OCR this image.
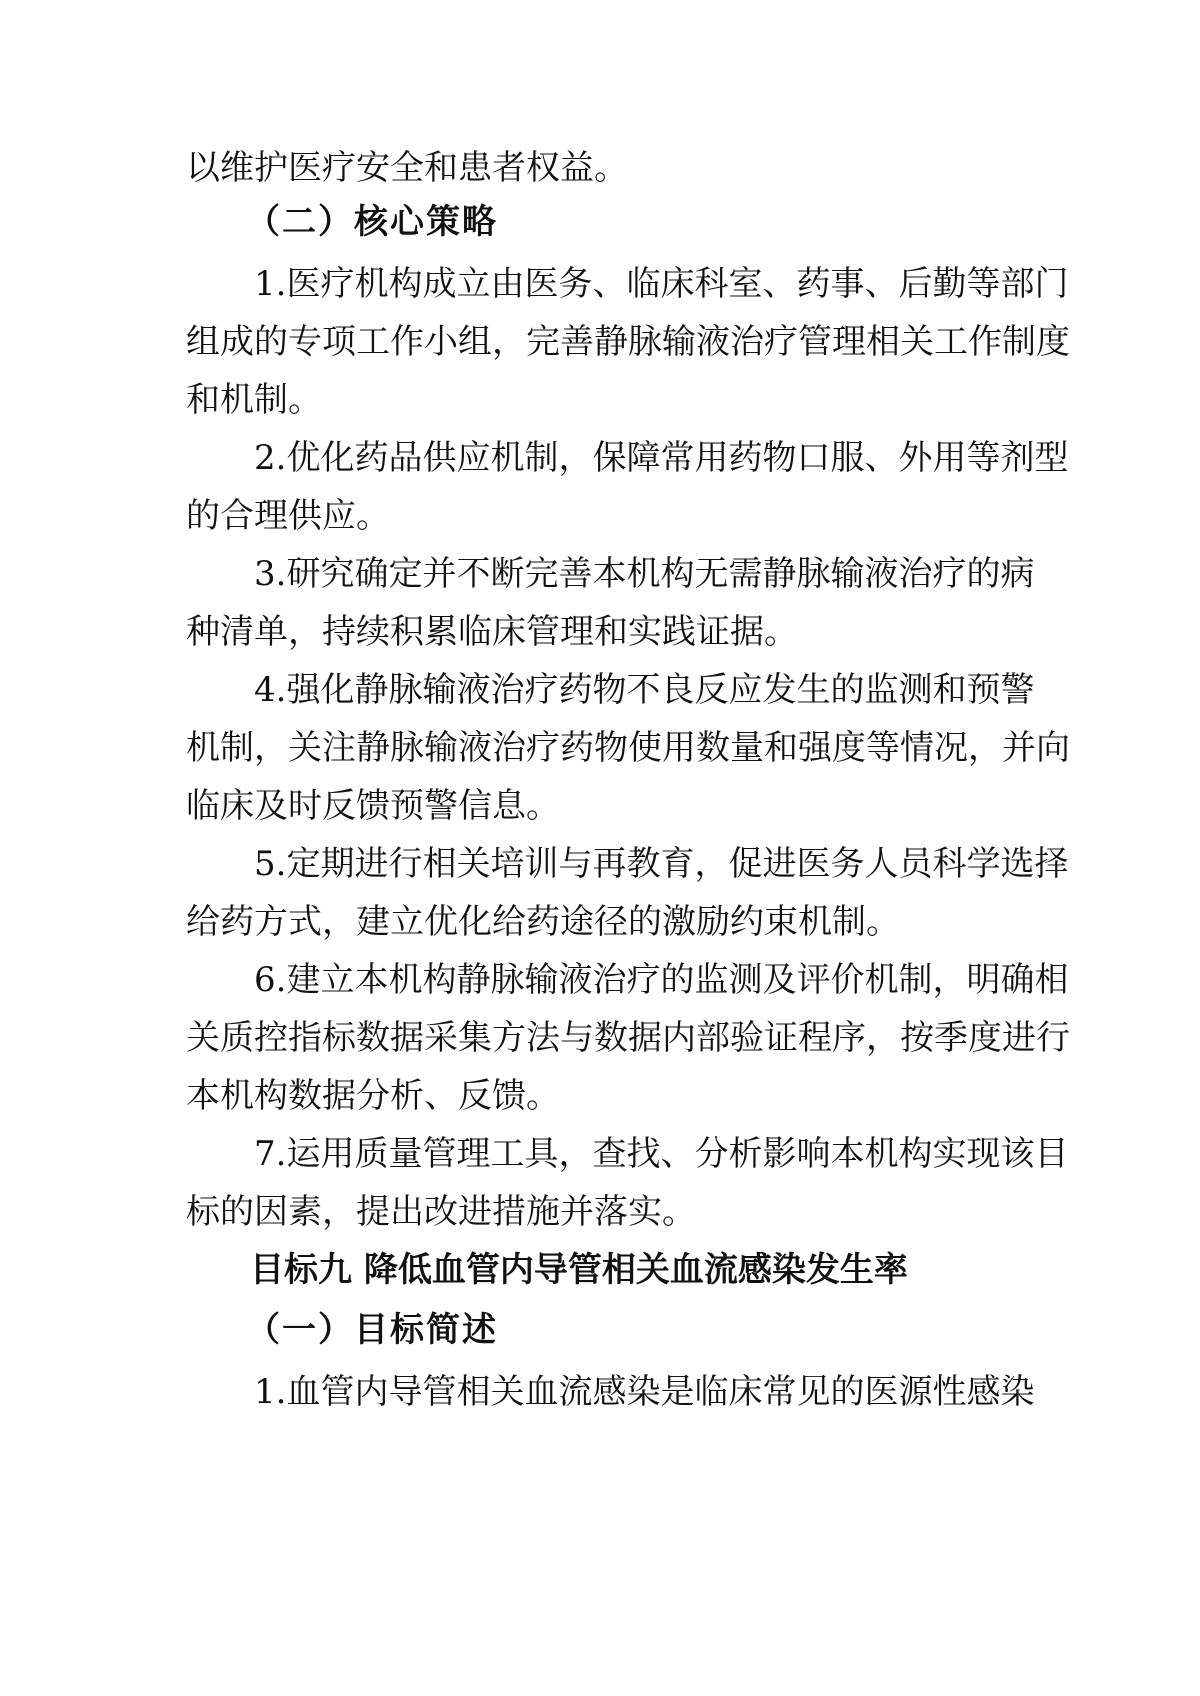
以维护医疗安全和患者权益。
（二）核心策略
1.医疗机构成立由医务、临床科室、药事、后勤等部门
组成的专项工作小组，完善静脉输液治疗管理相关工作制度
和机制。
2.优化药品供应机制，保障常用药物口服、外用等剂型
的合理供应。
3.研究确定并不断完善本机构无需静脉输液治疗的病
种清单，持续积累临床管理和实践证据。
4.强化静脉输液治疗药物不良反应发生的监测和预警
机制，关注静脉输液治疗药物使用数量和强度等情况，并向
临床及时反馈预警信息。
5.定期进行相关培训与再教育，促进医务人员科学选择
给药方式，建立优化给药途径的激励约束机制。
6.建立本机构静脉输液治疗的监测及评价机制，明确相
关质控指标数据采集方法与数据内部验证程序，按季度进行
本机构数据分析、反馈。
7.运用质量管理工具，查找、分析影响本机构实现该目
标的因素，提出改进措施并落实。
目标九 降低血管内导管相关血流感染发生率
（一）目标简述
1.血管内导管相关血流感染是临床常见的医源性感染
